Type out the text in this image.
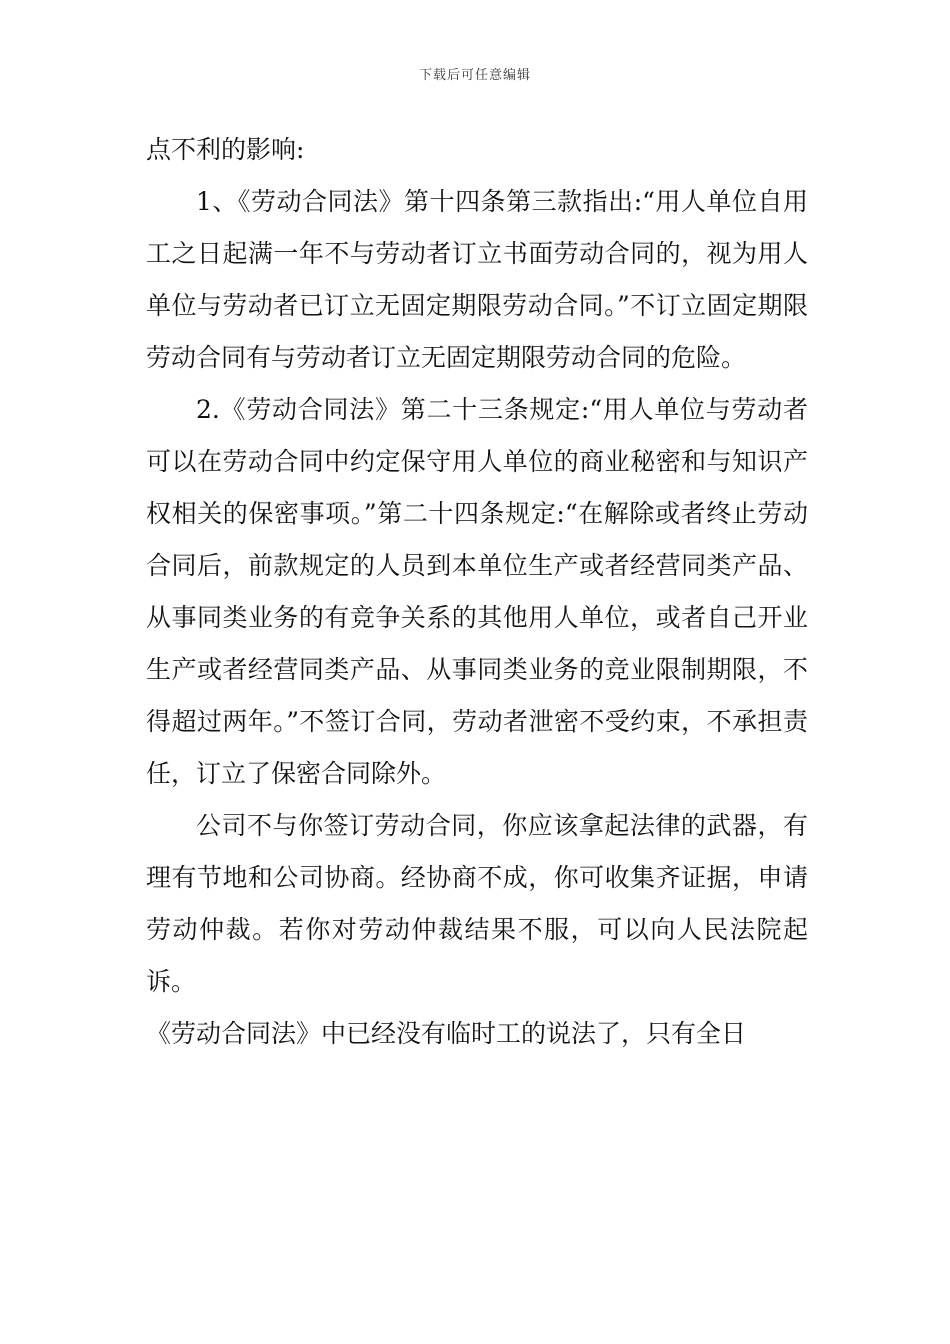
下载后可任意编辑

点不利的影响:

1、《劳动合同法》第十四条第三款指出:“用人单位自用工之日起满一年不与劳动者订立书面劳动合同的，视为用人单位与劳动者已订立无固定期限劳动合同。”不订立固定期限劳动合同有与劳动者订立无固定期限劳动合同的危险。

2.《劳动合同法》第二十三条规定:“用人单位与劳动者可以在劳动合同中约定保守用人单位的商业秘密和与知识产权相关的保密事项。”第二十四条规定:“在解除或者终止劳动合同后，前款规定的人员到本单位生产或者经营同类产品、从事同类业务的有竞争关系的其他用人单位，或者自己开业生产或者经营同类产品、从事同类业务的竞业限制期限，不得超过两年。”不签订合同，劳动者泄密不受约束，不承担责任，订立了保密合同除外。

公司不与你签订劳动合同，你应该拿起法律的武器，有理有节地和公司协商。经协商不成，你可收集齐证据，申请劳动仲裁。若你对劳动仲裁结果不服，可以向人民法院起诉。

《劳动合同法》中已经没有临时工的说法了，只有全日
